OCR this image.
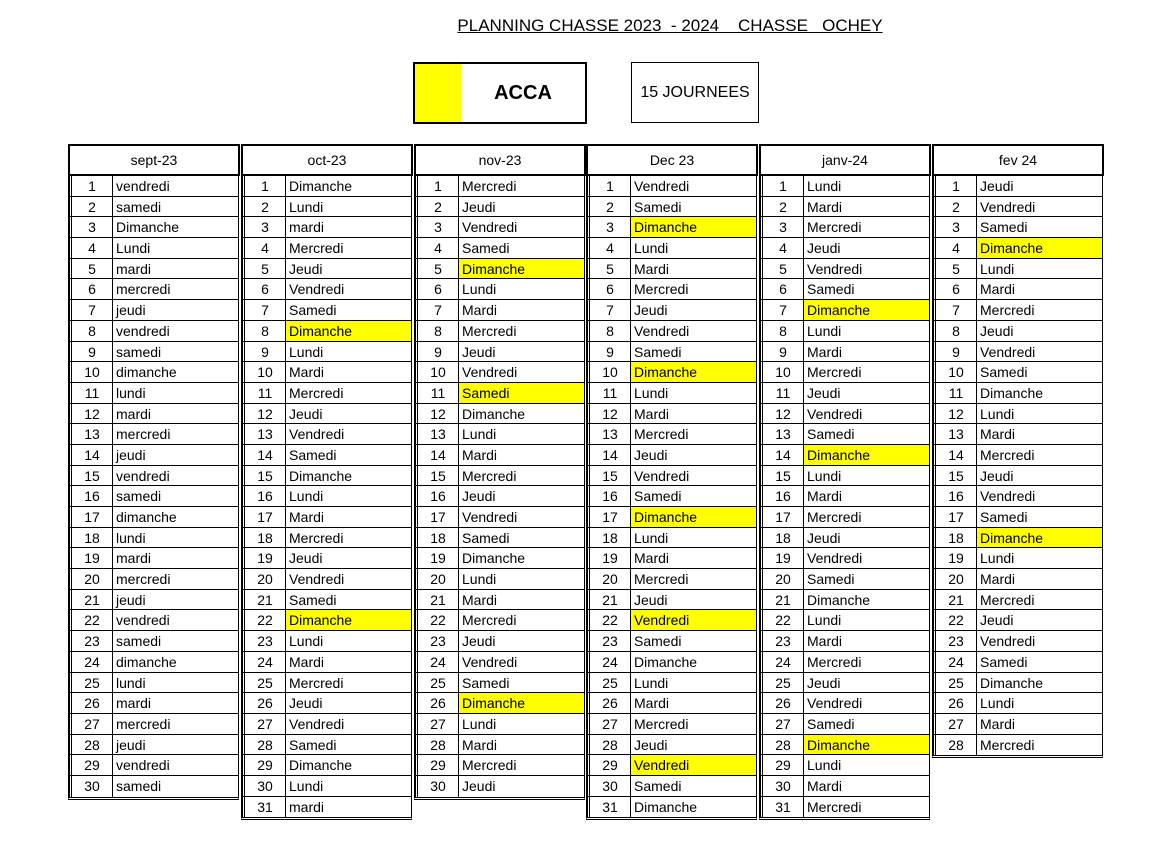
PLANNING CHASSE 2023  - 2024    CHASSE   OCHEY
ACCA	15 JOURNEES
sept-23
1	vendredi
2	samedi
3	Dimanche
4	Lundi
5	mardi
6	mercredi
7	jeudi
8	vendredi
9	samedi
10	dimanche
11	lundi
12	mardi
13	mercredi
14	jeudi
15	vendredi
16	samedi
17	dimanche
18	lundi
19	mardi
20	mercredi
21	jeudi
22	vendredi
23	samedi
24	dimanche
25	lundi
26	mardi
27	mercredi
28	jeudi
29	vendredi
30	samedi
oct-23
1	Dimanche
2	Lundi
3	mardi
4	Mercredi
5	Jeudi
6	Vendredi
7	Samedi
8	Dimanche
9	Lundi
10	Mardi
11	Mercredi
12	Jeudi
13	Vendredi
14	Samedi
15	Dimanche
16	Lundi
17	Mardi
18	Mercredi
19	Jeudi
20	Vendredi
21	Samedi
22	Dimanche
23	Lundi
24	Mardi
25	Mercredi
26	Jeudi
27	Vendredi
28	Samedi
29	Dimanche
30	Lundi
31	mardi
nov-23
1	Mercredi
2	Jeudi
3	Vendredi
4	Samedi
5	Dimanche
6	Lundi
7	Mardi
8	Mercredi
9	Jeudi
10	Vendredi
11	Samedi
12	Dimanche
13	Lundi
14	Mardi
15	Mercredi
16	Jeudi
17	Vendredi
18	Samedi
19	Dimanche
20	Lundi
21	Mardi
22	Mercredi
23	Jeudi
24	Vendredi
25	Samedi
26	Dimanche
27	Lundi
28	Mardi
29	Mercredi
30	Jeudi
Dec 23
1	Vendredi
2	Samedi
3	Dimanche
4	Lundi
5	Mardi
6	Mercredi
7	Jeudi
8	Vendredi
9	Samedi
10	Dimanche
11	Lundi
12	Mardi
13	Mercredi
14	Jeudi
15	Vendredi
16	Samedi
17	Dimanche
18	Lundi
19	Mardi
20	Mercredi
21	Jeudi
22	Vendredi
23	Samedi
24	Dimanche
25	Lundi
26	Mardi
27	Mercredi
28	Jeudi
29	Vendredi
30	Samedi
31	Dimanche
janv-24
1	Lundi
2	Mardi
3	Mercredi
4	Jeudi
5	Vendredi
6	Samedi
7	Dimanche
8	Lundi
9	Mardi
10	Mercredi
11	Jeudi
12	Vendredi
13	Samedi
14	Dimanche
15	Lundi
16	Mardi
17	Mercredi
18	Jeudi
19	Vendredi
20	Samedi
21	Dimanche
22	Lundi
23	Mardi
24	Mercredi
25	Jeudi
26	Vendredi
27	Samedi
28	Dimanche
29	Lundi
30	Mardi
31	Mercredi
fev 24
1	Jeudi
2	Vendredi
3	Samedi
4	Dimanche
5	Lundi
6	Mardi
7	Mercredi
8	Jeudi
9	Vendredi
10	Samedi
11	Dimanche
12	Lundi
13	Mardi
14	Mercredi
15	Jeudi
16	Vendredi
17	Samedi
18	Dimanche
19	Lundi
20	Mardi
21	Mercredi
22	Jeudi
23	Vendredi
24	Samedi
25	Dimanche
26	Lundi
27	Mardi
28	Mercredi
